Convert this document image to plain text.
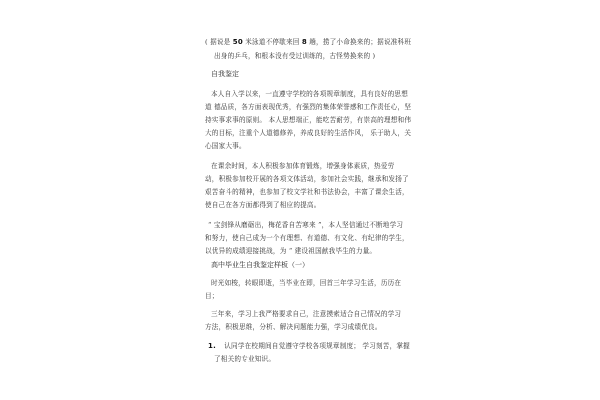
( 据说是 50 米泳道不停歇来回 8 趟，捞了小命换来的；据说准科班
出身的乒乓，和根本没有受过训练的，古怪势换来的 )
自我鉴定
本人自入学以来，一直遵守学校的各项规章制度，具有良好的思想
道 德品质，各方面表现优秀，有强烈的集体荣誉感和工作责任心，坚
持实事求事的原则。 本人思想端正，能吃苦耐劳，有崇高的理想和伟
大的目标，注重个人道德修养，养成良好的生活作风， 乐于助人，关
心国家大事。
在课余时间，本人积极参加体育锻炼，增强身体素质，热爱劳
动，积极参加校开展的各项文体活动，参加社会实践，继承和发扬了
艰苦奋斗的精神，也参加了校文学社和书法协会，丰富了课余生活，
使自己在各方面都得到了相应的提高。
“ 宝剑锋从磨砺出，梅花香自苦寒来 ”，本人坚信通过不断地学习
和努力，使自己成为一个有理想、有道德、有文化、有纪律的学生，
以优异的成绩迎接挑战，为 “ 建设祖国献我毕生的力量。
高中毕业生自我鉴定样板（一）
时光如梭，转眼即逝，当毕业在即，回首三年学习生活，历历在
目；
三年来，学习上我严格要求自己，注意摸索适合自己情况的学习
方法，积极思维，分析、解决问题能力强，学习成绩优良。
1. 认同学在校期间自觉遵守学校各项规章制度； 学习刻苦，掌握
了相关的专业知识。
